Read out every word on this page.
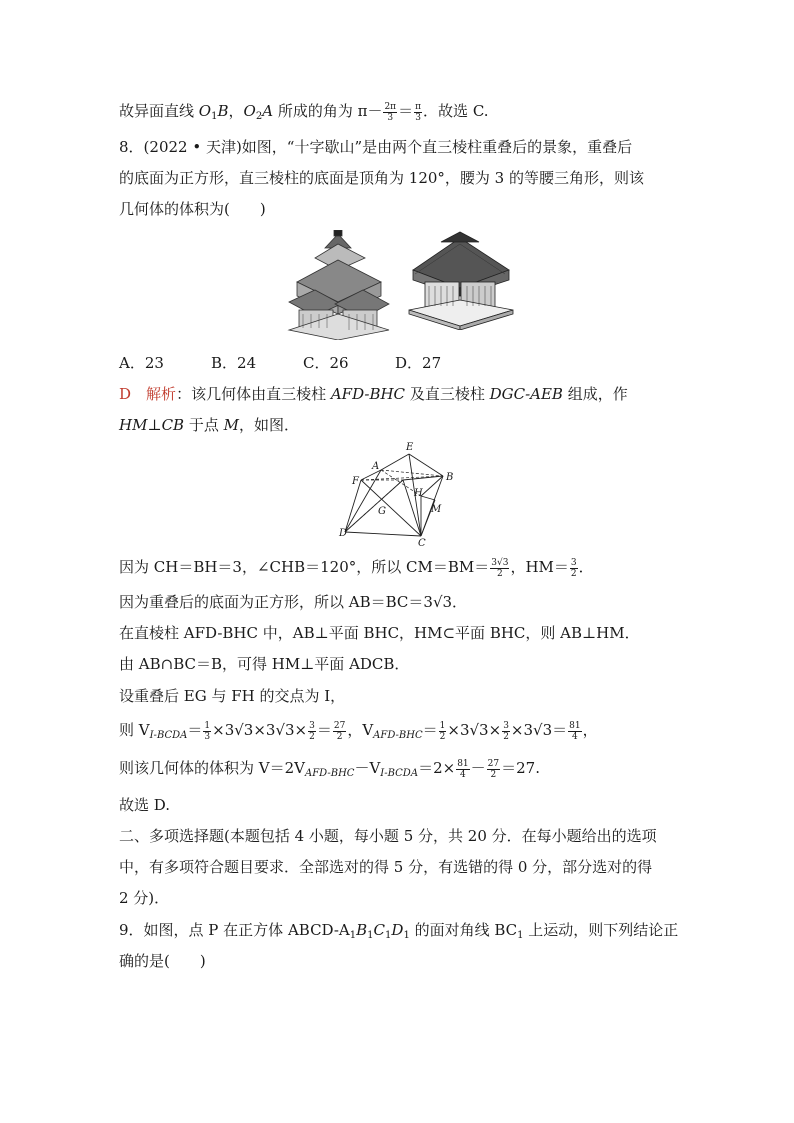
故异面直线 $O_1B$，$O_2A$ 所成的角为 $\pi- \frac{2\pi}{3} = \frac{\pi}{3}$ ．故选 C.
8．(2022 • 天津)如图，“十字歇山”是由两个直三棱柱重叠后的景象，重叠后
的底面为正方形，直三棱柱的底面是顶角为 120°，腰为 3 的等腰三角形，则该
几何体的体积为(　　)
A．23	B．24	C．26	D．27
D　 解析：该几何体由直三棱柱 AFD-BHC 及直三棱柱 DGC-AEB 组成，作
HM⊥CB 于点 M，如图．
E
A
F	B
H
G	M
D
C
因为 CH＝BH＝3，∠CHB＝120°，所以 $CM=BM= \frac{3√3}{2}$ ，$HM= \frac{3}{2}$ ．
因为重叠后的底面为正方形，所以 AB＝BC＝3√3．
在直棱柱 AFD-BHC 中，AB⊥平面 BHC，HM⊂平面 BHC，则 AB⊥HM．
由 AB∩BC＝B，可得 HM⊥平面 ADCB．
设重叠后 EG 与 FH 的交点为 I，
则 $V_{I-BCDA}= \frac{1}{3} \times 3√3\times 3√3\times \frac{3}{2} = \frac{27}{2}$ ，$V_{AFD-BHC}= \frac{1}{2} \times 3√3\times \frac{3}{2} \times 3√3= \frac{81}{4}$ ，
则该几何体的体积为 $V=2V_{AFD-BHC}-V_{I-BCDA}=2\times \frac{81}{4} - \frac{27}{2} =27$.
故选 D.
二、多项选择题(本题包括 4 小题，每小题 5 分，共 20 分．在每小题给出的选项
中，有多项符合题目要求．全部选对的得 5 分，有选错的得 0 分，部分选对的得
2 分)．
9．如图，点 P 在正方体 ABCD-$A_1B_1C_1D_1$ 的面对角线 $BC_1$ 上运动，则下列结论正
确的是(　　)
